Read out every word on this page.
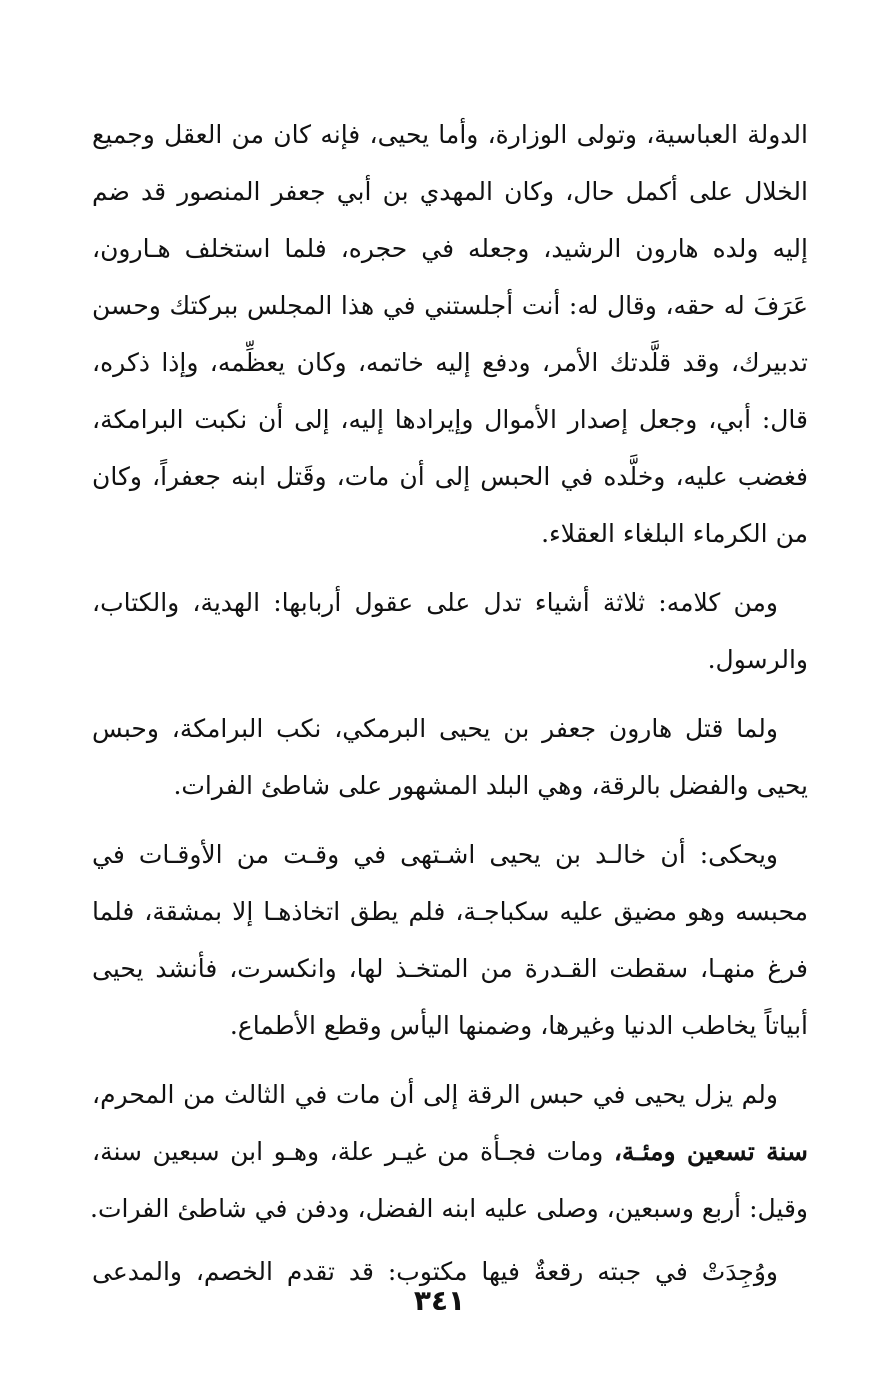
الدولة العباسية، وتولى الوزارة، وأما يحيى، فإنه كان من العقل وجميع
الخلال على أكمل حال، وكان المهدي بن أبي جعفر المنصور قد ضم
إليه ولده هارون الرشيد، وجعله في حجره، فلما استخلف هـارون،
عَرَفَ له حقه، وقال له: أنت أجلستني في هذا المجلس ببركتك وحسن
تدبيرك، وقد قلَّدتك الأمر، ودفع إليه خاتمه، وكان يعظِّمه، وإذا ذكره،
قال: أبي، وجعل إصدار الأموال وإيرادها إليه، إلى أن نكبت البرامكة،
فغضب عليه، وخلَّده في الحبس إلى أن مات، وقَتل ابنه جعفراً، وكان
من الكرماء البلغاء العقلاء.
ومن كلامه: ثلاثة أشياء تدل على عقول أربابها: الهدية، والكتاب،
والرسول.
ولما قتل هارون جعفر بن يحيى البرمكي، نكب البرامكة، وحبس
يحيى والفضل بالرقة، وهي البلد المشهور على شاطئ الفرات.
ويحكى: أن خالـد بن يحيى اشـتهى في وقـت من الأوقـات في
محبسه وهو مضيق عليه سكباجـة، فلم يطق اتخاذهـا إلا بمشقة، فلما
فرغ منهـا، سقطت القـدرة من المتخـذ لها، وانكسرت، فأنشد يحيى
أبياتاً يخاطب الدنيا وغيرها، وضمنها اليأس وقطع الأطماع.
ولم يزل يحيى في حبس الرقة إلى أن مات في الثالث من المحرم،
سنة تسعين ومئـة، ومات فجـأة من غيـر علة، وهـو ابن سبعين سنة،
وقيل: أربع وسبعين، وصلى عليه ابنه الفضل، ودفن في شاطئ الفرات.
ووُجِدَتْ في جبته رقعةٌ فيها مكتوب: قد تقدم الخصم، والمدعى
٣٤١
